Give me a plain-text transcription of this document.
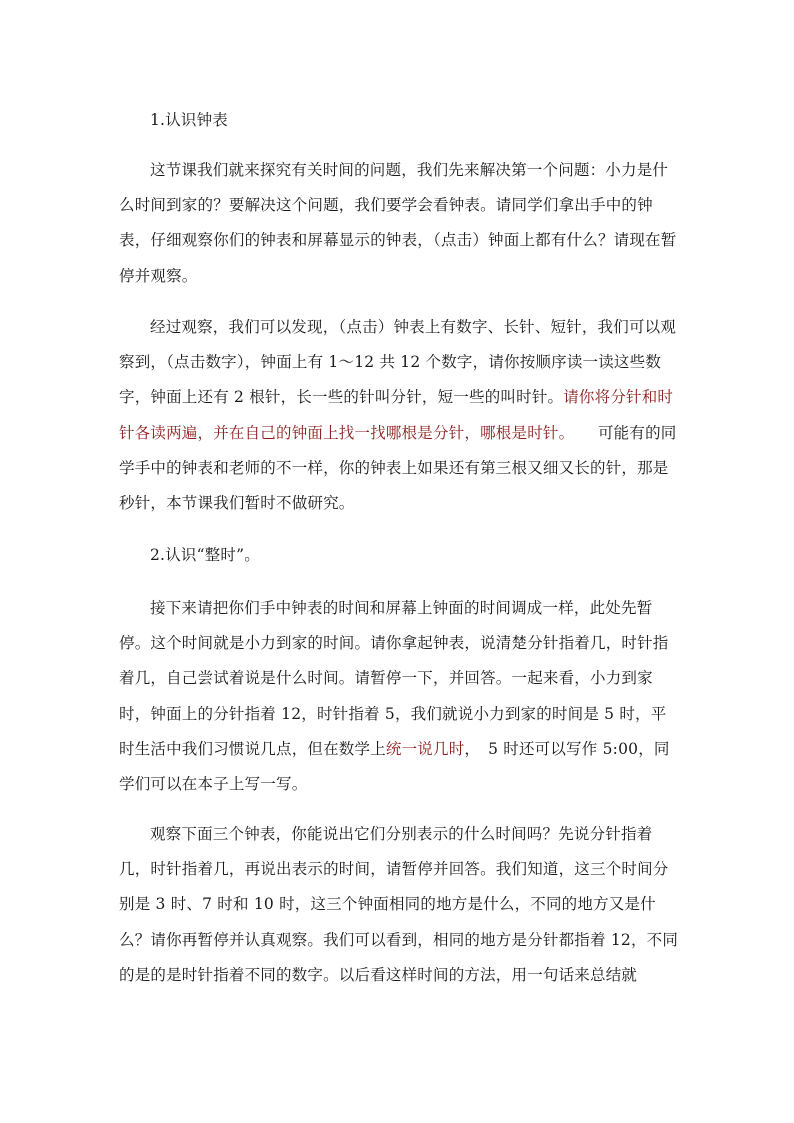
1.认识钟表

这节课我们就来探究有关时间的问题，我们先来解决第一个问题：小力是什么时间到家的？要解决这个问题，我们要学会看钟表。请同学们拿出手中的钟表，仔细观察你们的钟表和屏幕显示的钟表，（点击）钟面上都有什么？请现在暂停并观察。

经过观察，我们可以发现，（点击）钟表上有数字、长针、短针，我们可以观察到，（点击数字），钟面上有 1～12 共 12 个数字，请你按顺序读一读这些数字，钟面上还有 2 根针，长一些的针叫分针，短一些的叫时针。请你将分针和时针各读两遍，并在自己的钟面上找一找哪根是分针，哪根是时针。　　可能有的同学手中的钟表和老师的不一样，你的钟表上如果还有第三根又细又长的针，那是秒针，本节课我们暂时不做研究。

2.认识“整时”。

接下来请把你们手中钟表的时间和屏幕上钟面的时间调成一样，此处先暂停。这个时间就是小力到家的时间。请你拿起钟表，说清楚分针指着几，时针指着几，自己尝试着说是什么时间。请暂停一下，并回答。一起来看，小力到家时，钟面上的分针指着 12，时针指着 5，我们就说小力到家的时间是 5 时，平时生活中我们习惯说几点，但在数学上统一说几时，　5 时还可以写作 5:00，同学们可以在本子上写一写。

观察下面三个钟表，你能说出它们分别表示的什么时间吗？先说分针指着几，时针指着几，再说出表示的时间，请暂停并回答。我们知道，这三个时间分别是 3 时、7 时和 10 时，这三个钟面相同的地方是什么，不同的地方又是什么？请你再暂停并认真观察。我们可以看到，相同的地方是分针都指着 12，不同的是的是时针指着不同的数字。以后看这样时间的方法，用一句话来总结就
